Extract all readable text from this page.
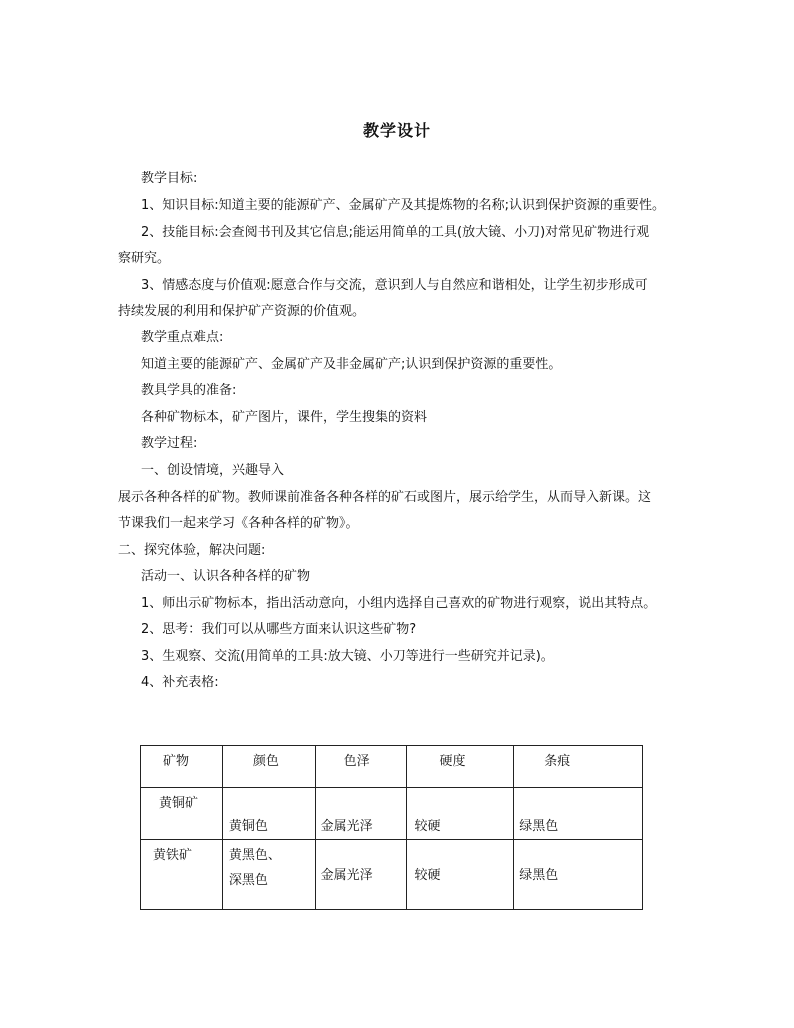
教学设计
教学目标:
1、知识目标:知道主要的能源矿产、金属矿产及其提炼物的名称;认识到保护资源的重要性。
2、技能目标:会查阅书刊及其它信息;能运用简单的工具(放大镜、小刀)对常见矿物进行观
察研究。
3、情感态度与价值观:愿意合作与交流，意识到人与自然应和谐相处，让学生初步形成可
持续发展的利用和保护矿产资源的价值观。
教学重点难点:
知道主要的能源矿产、金属矿产及非金属矿产;认识到保护资源的重要性。
教具学具的准备:
各种矿物标本，矿产图片，课件，学生搜集的资料
教学过程:
一、创设情境，兴趣导入
展示各种各样的矿物。教师课前准备各种各样的矿石或图片，展示给学生，从而导入新课。这
节课我们一起来学习《各种各样的矿物》。
二、探究体验，解决问题:
活动一、认识各种各样的矿物
1、师出示矿物标本，指出活动意向，小组内选择自己喜欢的矿物进行观察，说出其特点。
2、思考：我们可以从哪些方面来认识这些矿物?
3、生观察、交流(用简单的工具:放大镜、小刀等进行一些研究并记录)。
4、补充表格:
矿物	颜色	色泽	硬度	条痕

黄铜矿	黄铜色	金属光泽	较硬	绿黑色

黄铁矿	黄黑色、
深黑色	金属光泽	较硬	绿黑色
